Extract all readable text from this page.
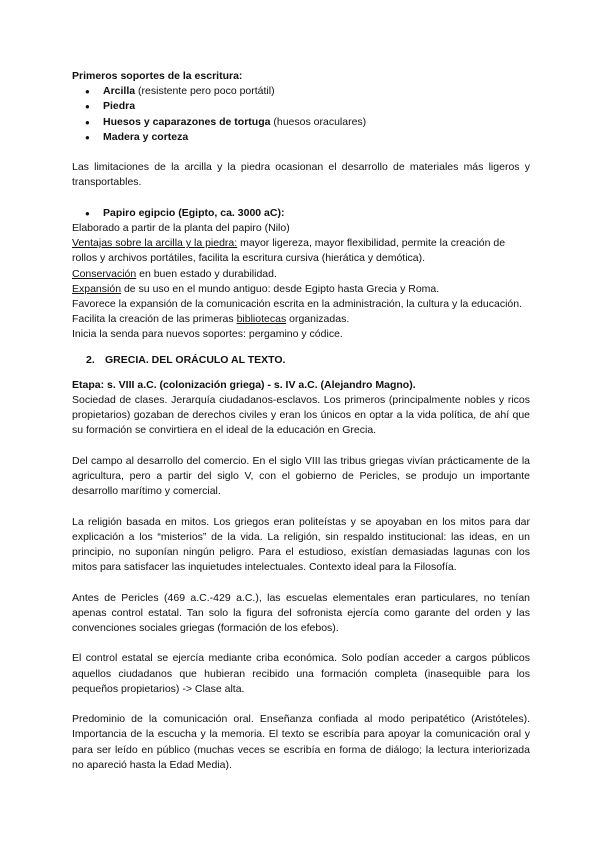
Primeros soportes de la escritura:

● Arcilla (resistente pero poco portátil)
● Piedra
● Huesos y caparazones de tortuga (huesos oraculares)
● Madera y corteza

Las limitaciones de la arcilla y la piedra ocasionan el desarrollo de materiales más ligeros y transportables.

● Papiro egipcio (Egipto, ca. 3000 aC):

Elaborado a partir de la planta del papiro (Nilo)

Ventajas sobre la arcilla y la piedra: mayor ligereza, mayor flexibilidad, permite la creación de rollos y archivos portátiles, facilita la escritura cursiva (hierática y demótica).

Conservación en buen estado y durabilidad.

Expansión de su uso en el mundo antiguo: desde Egipto hasta Grecia y Roma.

Favorece la expansión de la comunicación escrita en la administración, la cultura y la educación.

Facilita la creación de las primeras bibliotecas organizadas.

Inicia la senda para nuevos soportes: pergamino y códice.

2. GRECIA. DEL ORÁCULO AL TEXTO.

Etapa: s. VIII a.C. (colonización griega) - s. IV a.C. (Alejandro Magno).

Sociedad de clases. Jerarquía ciudadanos-esclavos. Los primeros (principalmente nobles y ricos propietarios) gozaban de derechos civiles y eran los únicos en optar a la vida política, de ahí que su formación se convirtiera en el ideal de la educación en Grecia.

Del campo al desarrollo del comercio. En el siglo VIII las tribus griegas vivían prácticamente de la agricultura, pero a partir del siglo V, con el gobierno de Pericles, se produjo un importante desarrollo marítimo y comercial.

La religión basada en mitos. Los griegos eran politeístas y se apoyaban en los mitos para dar explicación a los “misterios” de la vida. La religión, sin respaldo institucional: las ideas, en un principio, no suponían ningún peligro. Para el estudioso, existían demasiadas lagunas con los mitos para satisfacer las inquietudes intelectuales. Contexto ideal para la Filosofía.

Antes de Pericles (469 a.C.-429 a.C.), las escuelas elementales eran particulares, no tenían apenas control estatal. Tan solo la figura del sofronista ejercía como garante del orden y las convenciones sociales griegas (formación de los efebos).

El control estatal se ejercía mediante criba económica. Solo podían acceder a cargos públicos aquellos ciudadanos que hubieran recibido una formación completa (inasequible para los pequeños propietarios) -> Clase alta.

Predominio de la comunicación oral. Enseñanza confiada al modo peripatético (Aristóteles). Importancia de la escucha y la memoria. El texto se escribía para apoyar la comunicación oral y para ser leído en público (muchas veces se escribía en forma de diálogo; la lectura interiorizada no apareció hasta la Edad Media).
